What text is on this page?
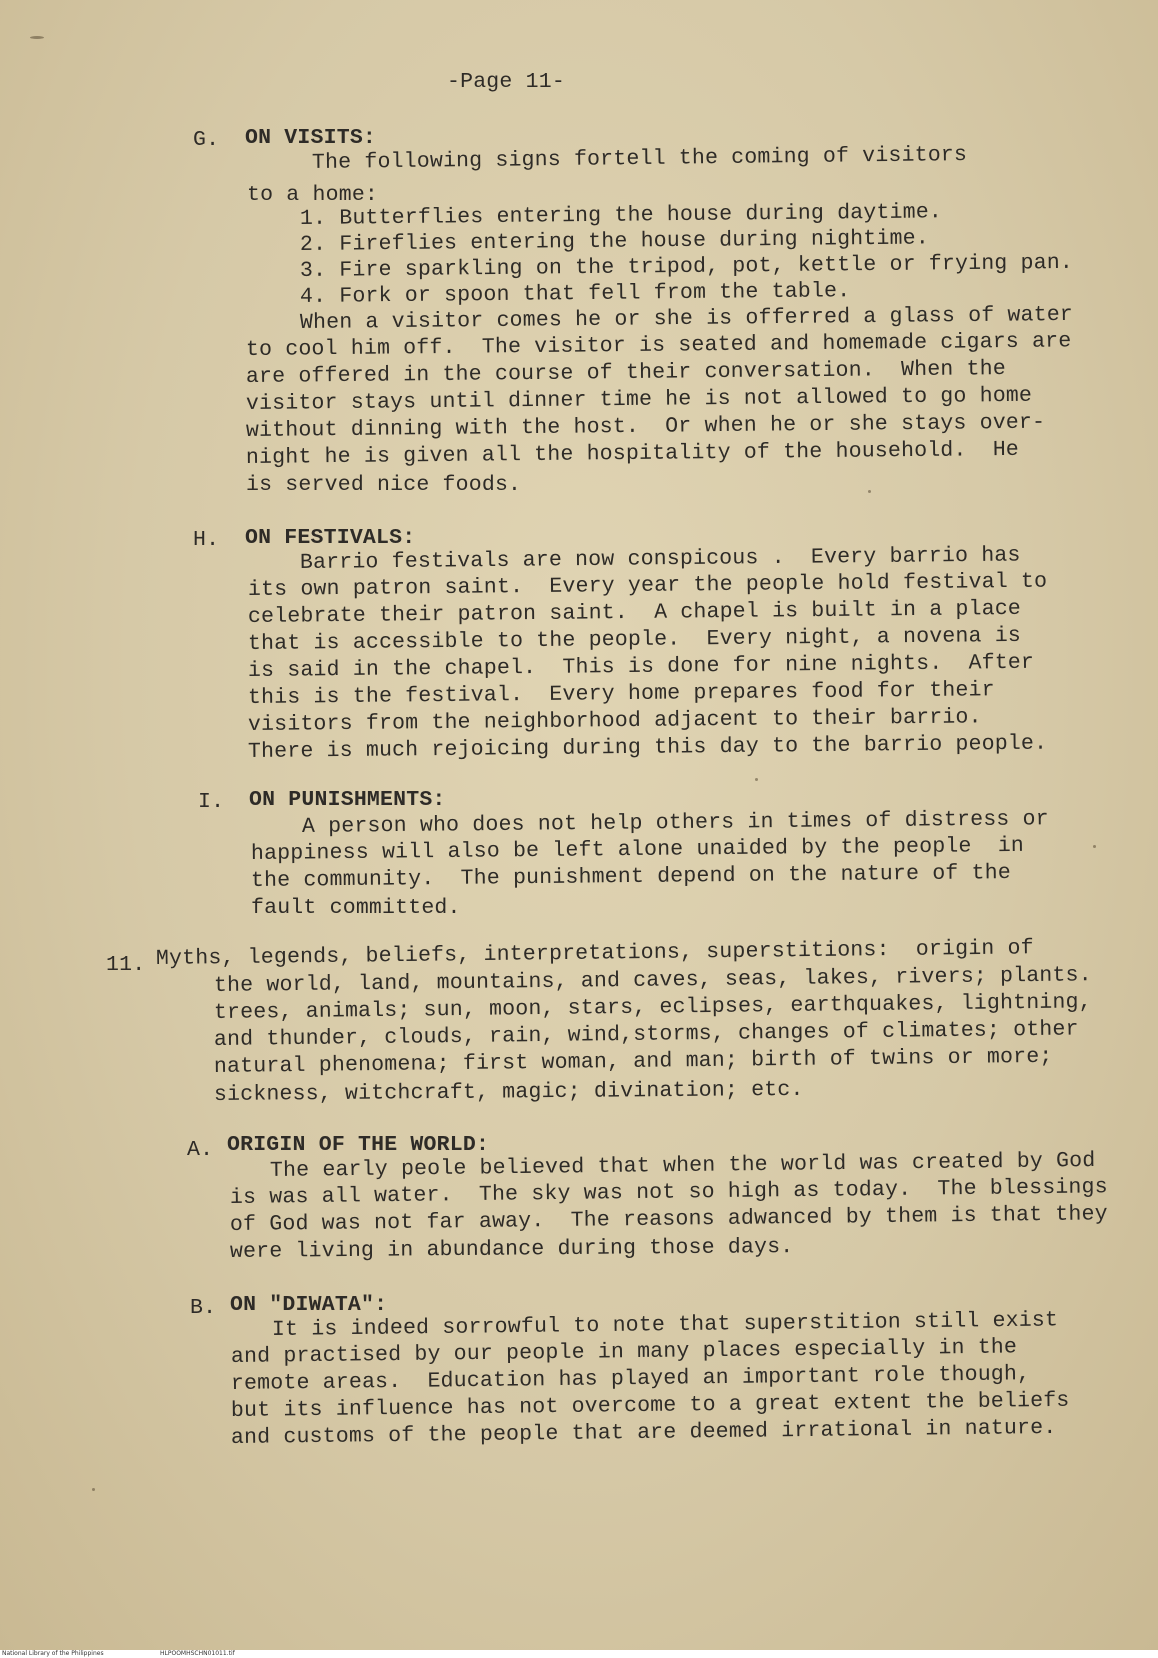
-Page 11-
G. ON VISITS:
The following signs fortell the coming of visitors
to a home:
1. Butterflies entering the house during daytime.
2. Fireflies entering the house during nightime.
3. Fire sparkling on the tripod, pot, kettle or frying pan.
4. Fork or spoon that fell from the table.
When a visitor comes he or she is offerred a glass of water
to cool him off.  The visitor is seated and homemade cigars are
are offered in the course of their conversation.  When the
visitor stays until dinner time he is not allowed to go home
without dinning with the host.  Or when he or she stays over-
night he is given all the hospitality of the household.  He
is served nice foods.
H. ON FESTIVALS:
Barrio festivals are now conspicous .  Every barrio has
its own patron saint.  Every year the people hold festival to
celebrate their patron saint.  A chapel is built in a place
that is accessible to the people.  Every night, a novena is
is said in the chapel.  This is done for nine nights.  After
this is the festival.  Every home prepares food for their
visitors from the neighborhood adjacent to their barrio.
There is much rejoicing during this day to the barrio people.
I. ON PUNISHMENTS:
A person who does not help others in times of distress or
happiness will also be left alone unaided by the people  in
the community.  The punishment depend on the nature of the
fault committed.
11. Myths, legends, beliefs, interpretations, superstitions:  origin of
the world, land, mountains, and caves, seas, lakes, rivers; plants.
trees, animals; sun, moon, stars, eclipses, earthquakes, lightning,
and thunder, clouds, rain, wind,storms, changes of climates; other
natural phenomena; first woman, and man; birth of twins or more;
sickness, witchcraft, magic; divination; etc.
A. ORIGIN OF THE WORLD:
The early peole believed that when the world was created by God
is was all water.  The sky was not so high as today.  The blessings
of God was not far away.  The reasons adwanced by them is that they
were living in abundance during those days.
B. ON "DIWATA":
It is indeed sorrowful to note that superstition still exist
and practised by our people in many places especially in the
remote areas.  Education has played an important role though,
but its influence has not overcome to a great extent the beliefs
and customs of the people that are deemed irrational in nature.
National Library of the Philippines	HLPOOMHSCHN01011.tif
